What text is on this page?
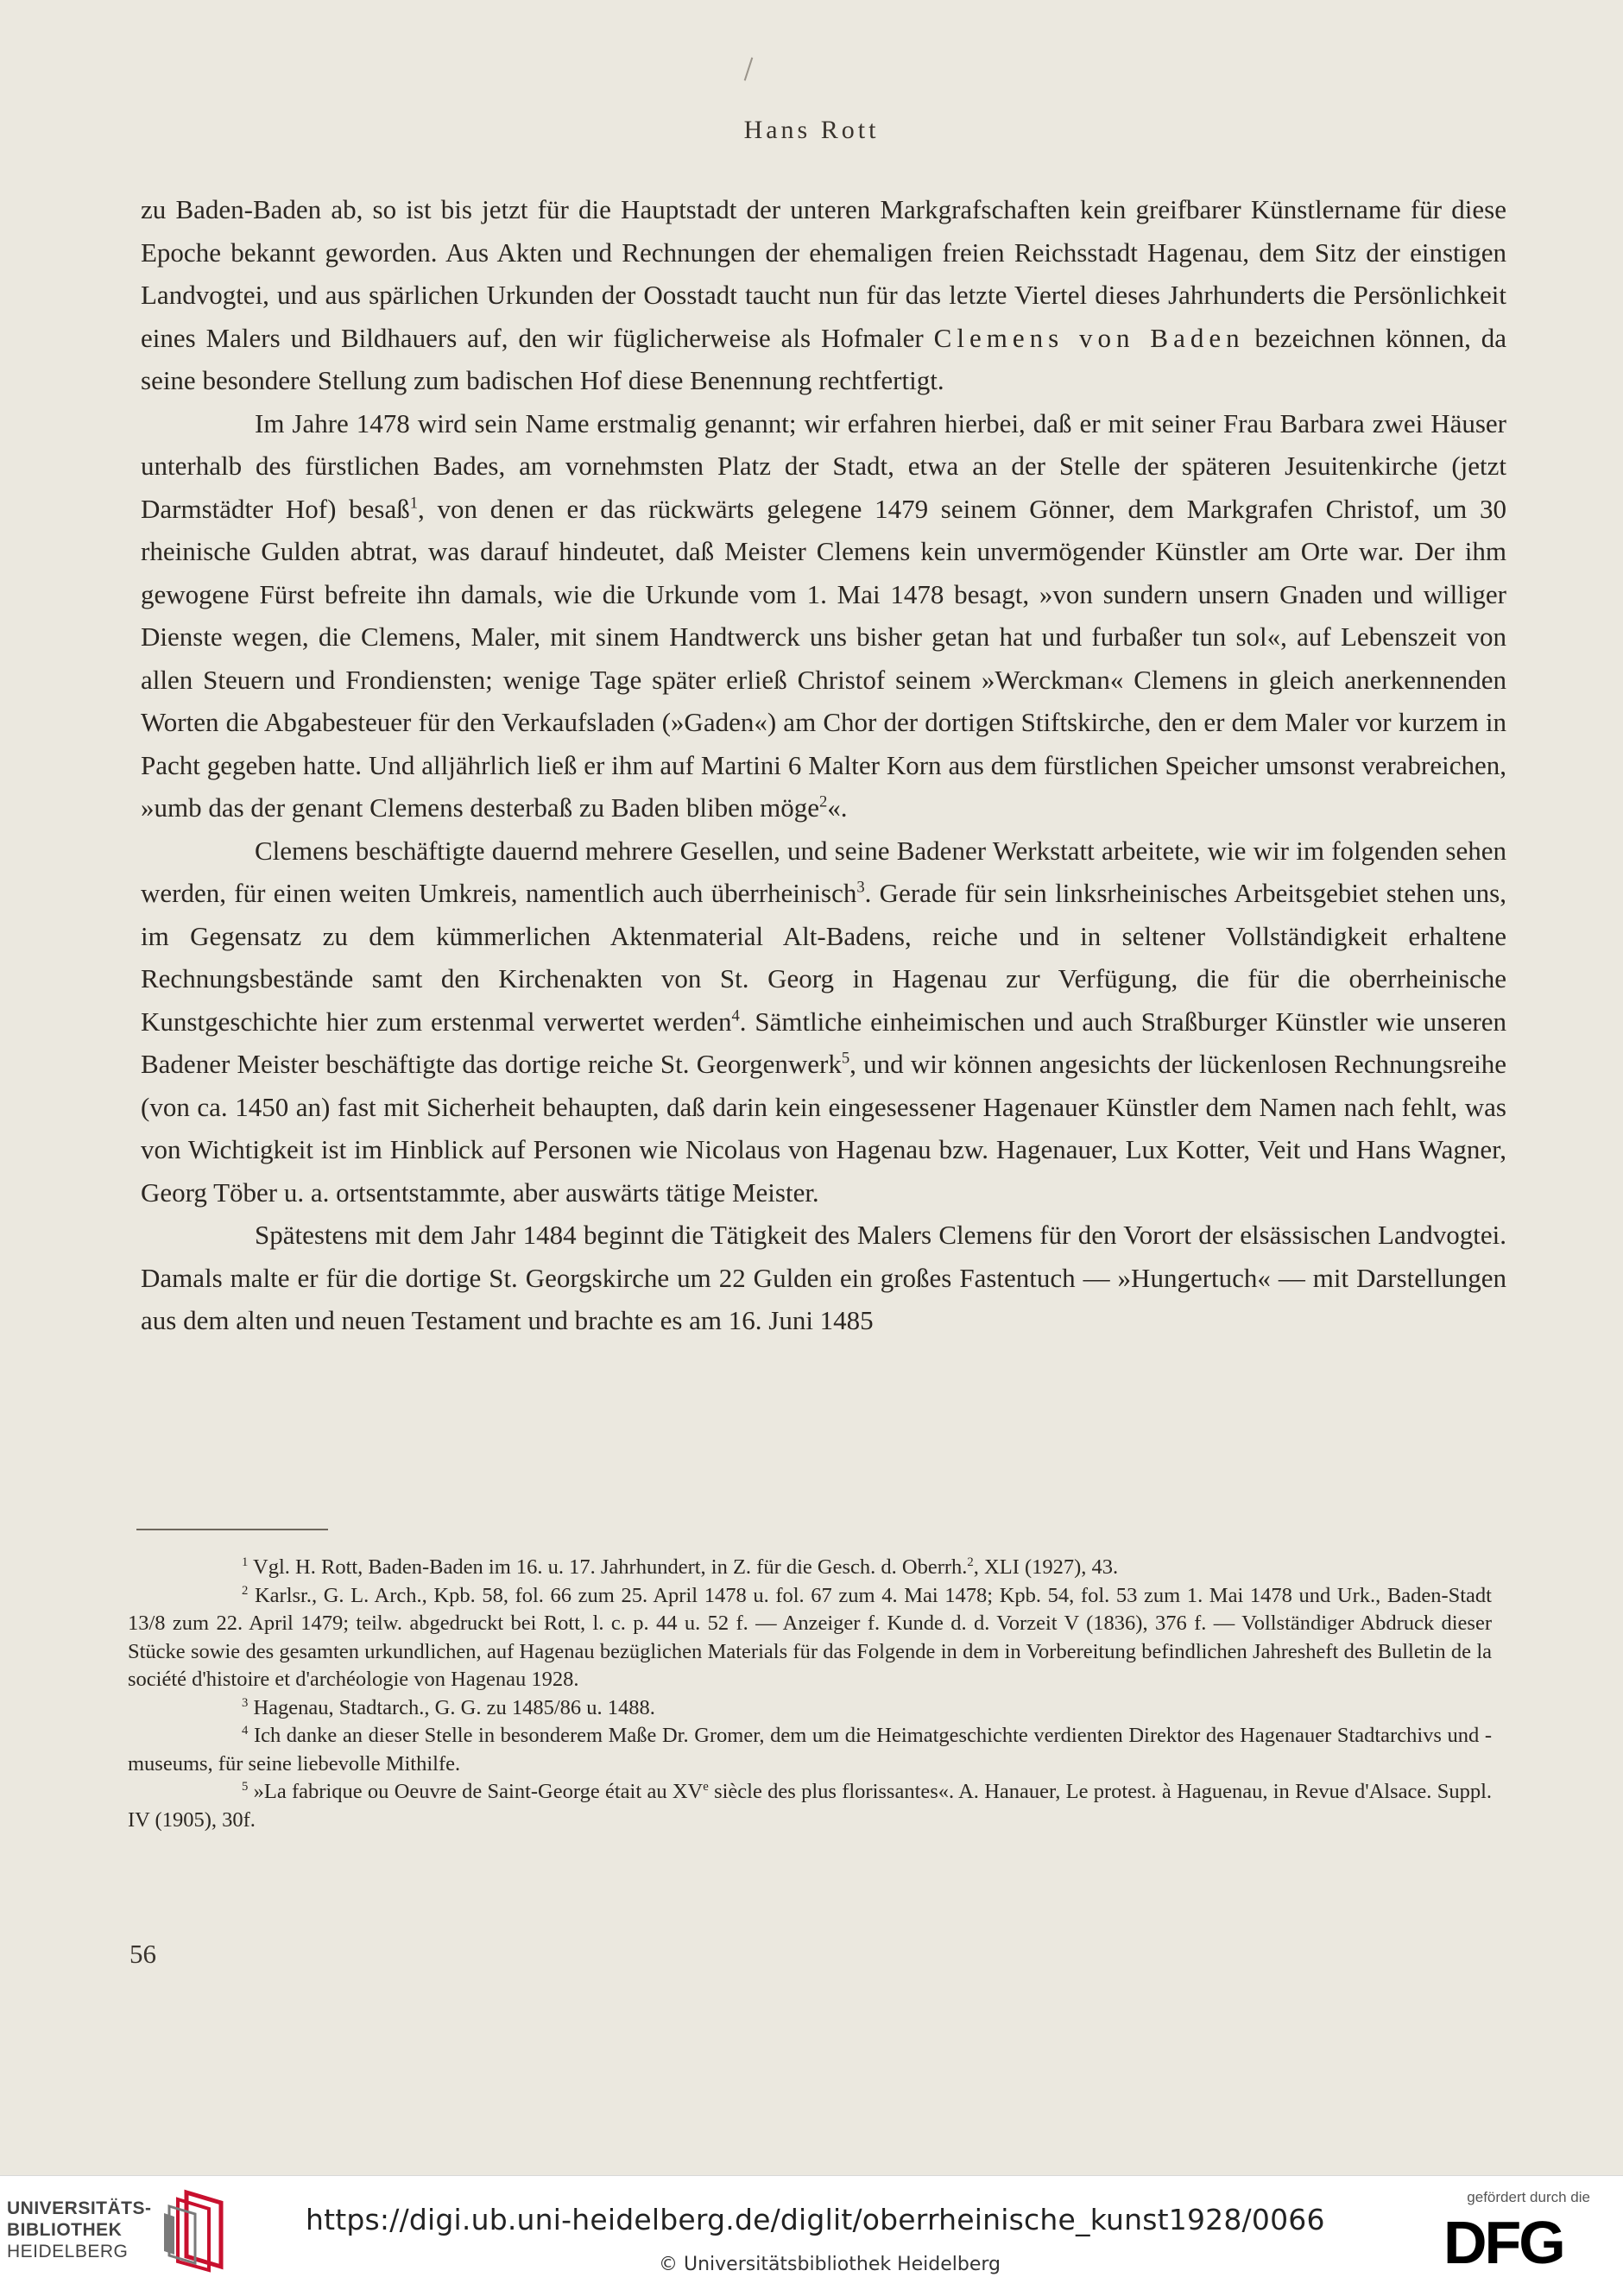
Hans Rott

zu Baden-Baden ab, so ist bis jetzt für die Hauptstadt der unteren Markgrafschaften kein greifbarer Künstlername für diese Epoche bekannt geworden. Aus Akten und Rechnungen der ehemaligen freien Reichsstadt Hagenau, dem Sitz der einstigen Landvogtei, und aus spärlichen Urkunden der Oosstadt taucht nun für das letzte Viertel dieses Jahrhunderts die Persönlichkeit eines Malers und Bildhauers auf, den wir füglicherweise als Hofmaler Clemens von Baden bezeichnen können, da seine besondere Stellung zum badischen Hof diese Benennung rechtfertigt.

Im Jahre 1478 wird sein Name erstmalig genannt; wir erfahren hierbei, daß er mit seiner Frau Barbara zwei Häuser unterhalb des fürstlichen Bades, am vornehmsten Platz der Stadt, etwa an der Stelle der späteren Jesuitenkirche (jetzt Darmstädter Hof) besaß$^1$, von denen er das rückwärts gelegene 1479 seinem Gönner, dem Markgrafen Christof, um 30 rheinische Gulden abtrat, was darauf hindeutet, daß Meister Clemens kein unvermögender Künstler am Orte war. Der ihm gewogene Fürst befreite ihn damals, wie die Urkunde vom 1. Mai 1478 besagt, »von sundern unsern Gnaden und williger Dienste wegen, die Clemens, Maler, mit sinem Handtwerck uns bisher getan hat und furbaßer tun sol«, auf Lebenszeit von allen Steuern und Frondiensten; wenige Tage später erließ Christof seinem »Werckman« Clemens in gleich anerkennenden Worten die Abgabesteuer für den Verkaufsladen (»Gaden«) am Chor der dortigen Stiftskirche, den er dem Maler vor kurzem in Pacht gegeben hatte. Und alljährlich ließ er ihm auf Martini 6 Malter Korn aus dem fürstlichen Speicher umsonst verabreichen, »umb das der genant Clemens desterbaß zu Baden bliben möge$^2$«.

Clemens beschäftigte dauernd mehrere Gesellen, und seine Badener Werkstatt arbeitete, wie wir im folgenden sehen werden, für einen weiten Umkreis, namentlich auch überrheinisch$^3$. Gerade für sein linksrheinisches Arbeitsgebiet stehen uns, im Gegensatz zu dem kümmerlichen Aktenmaterial Alt-Badens, reiche und in seltener Vollständigkeit erhaltene Rechnungsbestände samt den Kirchenakten von St. Georg in Hagenau zur Verfügung, die für die oberrheinische Kunstgeschichte hier zum erstenmal verwertet werden$^4$. Sämtliche einheimischen und auch Straßburger Künstler wie unseren Badener Meister beschäftigte das dortige reiche St. Georgenwerk$^5$, und wir können angesichts der lückenlosen Rechnungsreihe (von ca. 1450 an) fast mit Sicherheit behaupten, daß darin kein eingesessener Hagenauer Künstler dem Namen nach fehlt, was von Wichtigkeit ist im Hinblick auf Personen wie Nicolaus von Hagenau bzw. Hagenauer, Lux Kotter, Veit und Hans Wagner, Georg Töber u. a. ortsentstammte, aber auswärts tätige Meister.

Spätestens mit dem Jahr 1484 beginnt die Tätigkeit des Malers Clemens für den Vorort der elsässischen Landvogtei. Damals malte er für die dortige St. Georgskirche um 22 Gulden ein großes Fastentuch — »Hungertuch« — mit Darstellungen aus dem alten und neuen Testament und brachte es am 16. Juni 1485

$^1$ Vgl. H. Rott, Baden-Baden im 16. u. 17. Jahrhundert, in Z. für die Gesch. d. Oberrh.$^2$, XLI (1927), 43.

$^2$ Karlsr., G. L. Arch., Kpb. 58, fol. 66 zum 25. April 1478 u. fol. 67 zum 4. Mai 1478; Kpb. 54, fol. 53 zum 1. Mai 1478 und Urk., Baden-Stadt 13/8 zum 22. April 1479; teilw. abgedruckt bei Rott, l. c. p. 44 u. 52 f. — Anzeiger f. Kunde d. d. Vorzeit V (1836), 376 f. — Vollständiger Abdruck dieser Stücke sowie des gesamten urkundlichen, auf Hagenau bezüglichen Materials für das Folgende in dem in Vorbereitung befindlichen Jahresheft des Bulletin de la société d'histoire et d'archéologie von Hagenau 1928.

$^3$ Hagenau, Stadtarch., G. G. zu 1485/86 u. 1488.

$^4$ Ich danke an dieser Stelle in besonderem Maße Dr. Gromer, dem um die Heimatgeschichte verdienten Direktor des Hagenauer Stadtarchivs und -museums, für seine liebevolle Mithilfe.

$^5$ »La fabrique ou Oeuvre de Saint-George était au XVe siècle des plus florissantes«. A. Hanauer, Le protest. à Haguenau, in Revue d'Alsace. Suppl. IV (1905), 30f.

56
UNIVERSITÄTS-
BIBLIOTHEK
HEIDELBERG
https://digi.ub.uni-heidelberg.de/diglit/oberrheinische_kunst1928/0066
© Universitätsbibliothek Heidelberg
gefördert durch die
DFG
